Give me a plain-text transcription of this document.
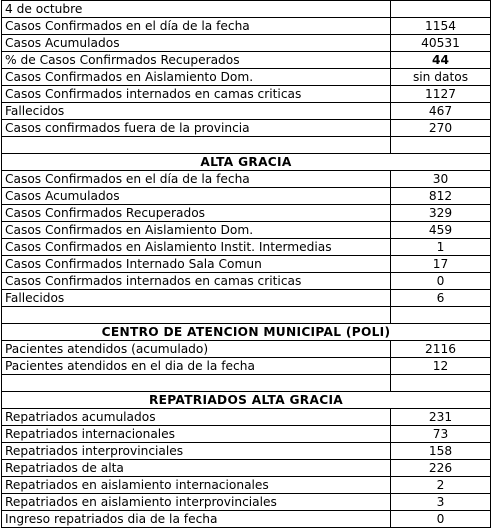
4 de octubre	
Casos Confirmados en el día de la fecha	1154
Casos Acumulados	40531
% de Casos Confirmados Recuperados	44
Casos Confirmados en Aislamiento Dom.	sin datos
Casos Confirmados internados en camas criticas	1127
Fallecidos	467
Casos confirmados fuera de la provincia	270

ALTA GRACIA	
Casos Confirmados en el día de la fecha	30
Casos Acumulados	812
Casos Confirmados Recuperados	329
Casos Confirmados en Aislamiento Dom.	459
Casos Confirmados en Aislamiento Instit. Intermedias	1
Casos Confirmados Internado Sala Comun	17
Casos Confirmados internados en camas criticas	0
Fallecidos	6

CENTRO DE ATENCION MUNICIPAL (POLI)	
Pacientes atendidos (acumulado)	2116
Pacientes atendidos en el dia de la fecha	12

REPATRIADOS ALTA GRACIA	
Repatriados acumulados	231
Repatriados internacionales	73
Repatriados interprovinciales	158
Repatriados de alta	226
Repatriados en aislamiento internacionales	2
Repatriados en aislamiento interprovinciales	3
Ingreso repatriados dia de la fecha	0
